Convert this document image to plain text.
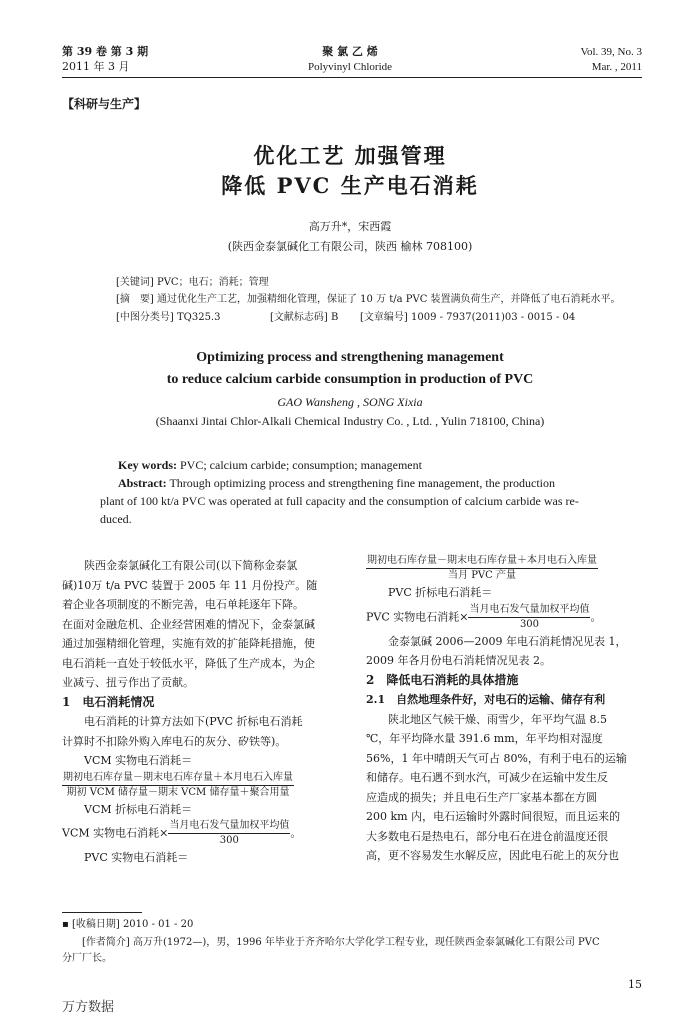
第 39 卷 第 3 期
2011 年 3 月
聚 氯 乙 烯
Polyvinyl Chloride
Vol. 39, No. 3
Mar. , 2011
【科研与生产】
优化工艺 加强管理
降低 PVC 生产电石消耗
高万升*，宋西霞
(陕西金泰氯碱化工有限公司，陕西 榆林 708100)
[关键词] PVC；电石；消耗；管理
[摘　要] 通过优化生产工艺，加强精细化管理，保证了 10 万 t/a PVC 装置满负荷生产，并降低了电石消耗水平。
[中图分类号] TQ325.3	[文献标志码] B [文章编号] 1009 - 7937(2011)03 - 0015 - 04
Optimizing process and strengthening management
to reduce calcium carbide consumption in production of PVC
GAO Wansheng , SONG Xixia
(Shaanxi Jintai Chlor-Alkali Chemical Industry Co. , Ltd. , Yulin 718100, China)
Key words: PVC; calcium carbide; consumption; management
Abstract: Through optimizing process and strengthening fine management, the production
plant of 100 kt/a PVC was operated at full capacity and the consumption of calcium carbide was re-
duced.
陕西金泰氯碱化工有限公司(以下简称金泰氯
碱)10万 t/a PVC 装置于 2005 年 11 月份投产。随
着企业各项制度的不断完善，电石单耗逐年下降。
在面对金融危机、企业经营困难的情况下，金泰氯碱
通过加强精细化管理，实施有效的扩能降耗措施，使
电石消耗一直处于较低水平，降低了生产成本，为企
业减亏、扭亏作出了贡献。
1　电石消耗情况
电石消耗的计算方法如下(PVC 折标电石消耗
计算时不扣除外购入库电石的灰分、矽铁等)。
VCM 实物电石消耗＝
$\frac{\text{期初电石库存量－期末电石库存量＋本月电石入库量}}{\text{期初 VCM 储存量－期末 VCM 储存量＋聚合用量}}$
VCM 折标电石消耗＝
VCM 实物电石消耗× $\frac{\text{当月电石发气量加权平均值}}{300}$ 。
PVC 实物电石消耗＝
$\frac{\text{期初电石库存量－期末电石库存量＋本月电石入库量}}{\text{当月 PVC 产量}}$
PVC 折标电石消耗＝
PVC 实物电石消耗× $\frac{\text{当月电石发气量加权平均值}}{300}$ 。
金泰氯碱 2006—2009 年电石消耗情况见表 1，
2009 年各月份电石消耗情况见表 2。
2　降低电石消耗的具体措施
2.1　自然地理条件好，对电石的运输、储存有利
陕北地区气候干燥、雨雪少，年平均气温 8.5
℃，年平均降水量 391.6 mm，年平均相对湿度
56%，1 年中晴朗天气可占 80%，有利于电石的运输
和储存。电石遇不到水汽，可减少在运输中发生反
应造成的损失；并且电石生产厂家基本都在方圆
200 km 内，电石运输时外露时间很短，而且运来的
大多数电石是热电石，部分电石在进仓前温度还很
高，更不容易发生水解反应，因此电石砣上的灰分也
▪ [收稿日期] 2010 - 01 - 20
[作者简介] 高万升(1972—)，男，1996 年毕业于齐齐哈尔大学化学工程专业，现任陕西金泰氯碱化工有限公司 PVC
分厂厂长。
15
万方数据
